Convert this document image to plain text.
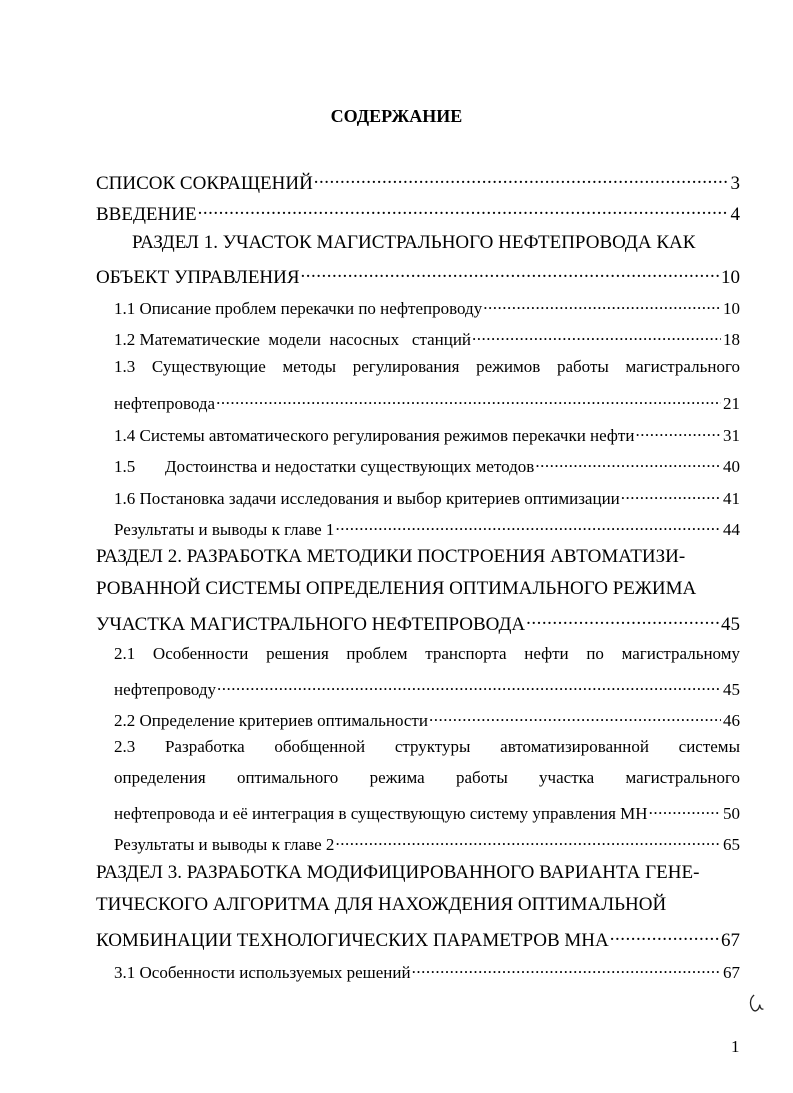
СОДЕРЖАНИЕ
СПИСОК СОКРАЩЕНИЙ .....	3
ВВЕДЕНИЕ .....	4
РАЗДЕЛ 1. УЧАСТОК МАГИСТРАЛЬНОГО НЕФТЕПРОВОДА КАК
ОБЪЕКТ УПРАВЛЕНИЯ .....	10
1.1 Описание проблем перекачки по нефтепроводу .....	10
1.2 Математические  модели  насосных   станций .....	18
1.3 Существующие методы регулирования режимов работы магистрального
нефтепровода .....	21
1.4 Системы автоматического регулирования режимов перекачки нефти .....	31
1.5       Достоинства и недостатки существующих методов .....	40
1.6 Постановка задачи исследования и выбор критериев оптимизации .....	41
Результаты и выводы к главе 1 .....	44
РАЗДЕЛ 2. РАЗРАБОТКА МЕТОДИКИ ПОСТРОЕНИЯ АВТОМАТИЗИ-
РОВАННОЙ СИСТЕМЫ ОПРЕДЕЛЕНИЯ ОПТИМАЛЬНОГО РЕЖИМА
УЧАСТКА МАГИСТРАЛЬНОГО НЕФТЕПРОВОДА .....	45
2.1 Особенности решения проблем транспорта нефти по магистральному
нефтепроводу .....	45
2.2 Определение критериев оптимальности .....	46
2.3 Разработка обобщенной структуры автоматизированной системы
определения оптимального режима работы участка магистрального
нефтепровода и её интеграция в существующую систему управления МН .....	50
Результаты и выводы к главе 2 .....	65
РАЗДЕЛ 3. РАЗРАБОТКА МОДИФИЦИРОВАННОГО ВАРИАНТА ГЕНЕ-
ТИЧЕСКОГО АЛГОРИТМА ДЛЯ НАХОЖДЕНИЯ ОПТИМАЛЬНОЙ
КОМБИНАЦИИ ТЕХНОЛОГИЧЕСКИХ ПАРАМЕТРОВ МНА .....	67
3.1 Особенности используемых решений .....	67
1
